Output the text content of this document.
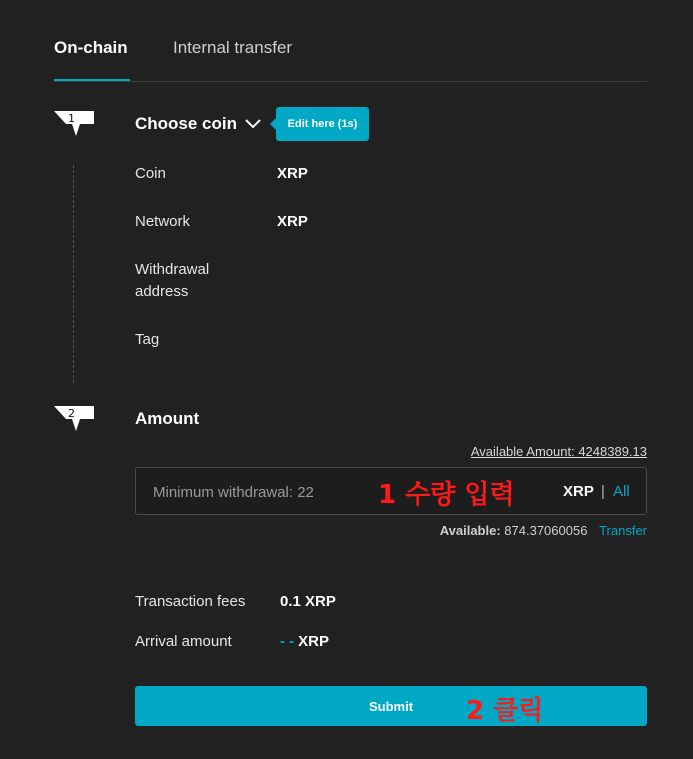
On-chain	Internal transfer
1	Choose coin	Edit here (1s)
Coin	XRP
Network	XRP
Withdrawal address
Tag
2	Amount
Available Amount: 4248389.13
Minimum withdrawal: 22
XRP | All
1 수량 입력
Available: 874.37060056 Transfer
Transaction fees 0.1 XRP
Arrival amount	- - XRP
Submit	2 클릭
